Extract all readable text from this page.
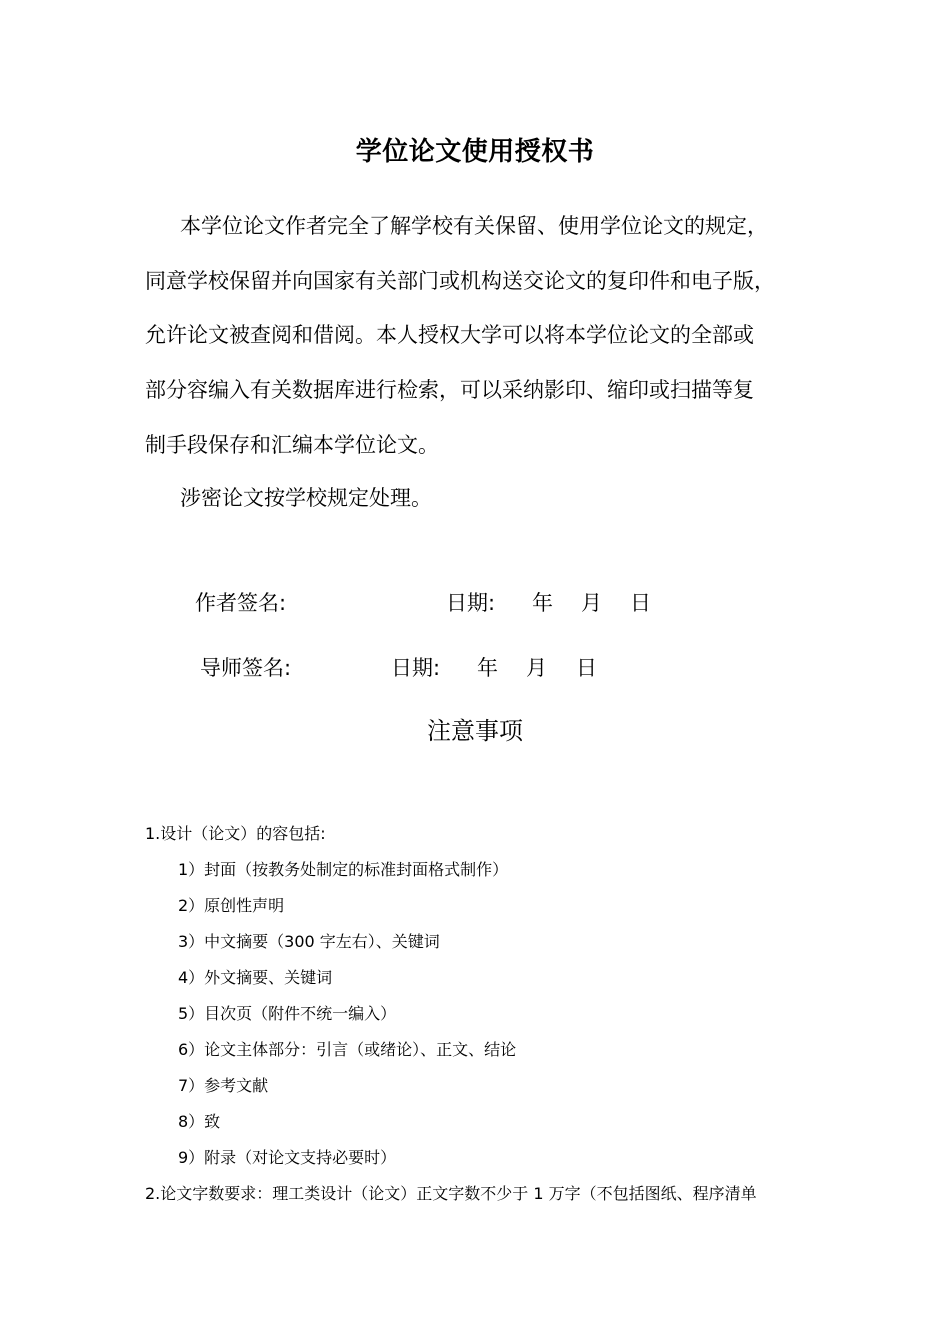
学位论文使用授权书
本学位论文作者完全了解学校有关保留、使用学位论文的规定，
同意学校保留并向国家有关部门或机构送交论文的复印件和电子版，
允许论文被查阅和借阅。本人授权大学可以将本学位论文的全部或
部分容编入有关数据库进行检索，可以采纳影印、缩印或扫描等复
制手段保存和汇编本学位论文。
涉密论文按学校规定处理。
作者签名:	日期: 年 月 日
导师签名:	日期: 年 月 日
注意事项
1.设计（论文）的容包括:
1）封面（按教务处制定的标准封面格式制作）
2）原创性声明
3）中文摘要（300 字左右）、关键词
4）外文摘要、关键词
5）目次页（附件不统一编入）
6）论文主体部分：引言（或绪论）、正文、结论
7）参考文献
8）致
9）附录（对论文支持必要时）
2.论文字数要求：理工类设计（论文）正文字数不少于 1 万字（不包括图纸、程序清单
